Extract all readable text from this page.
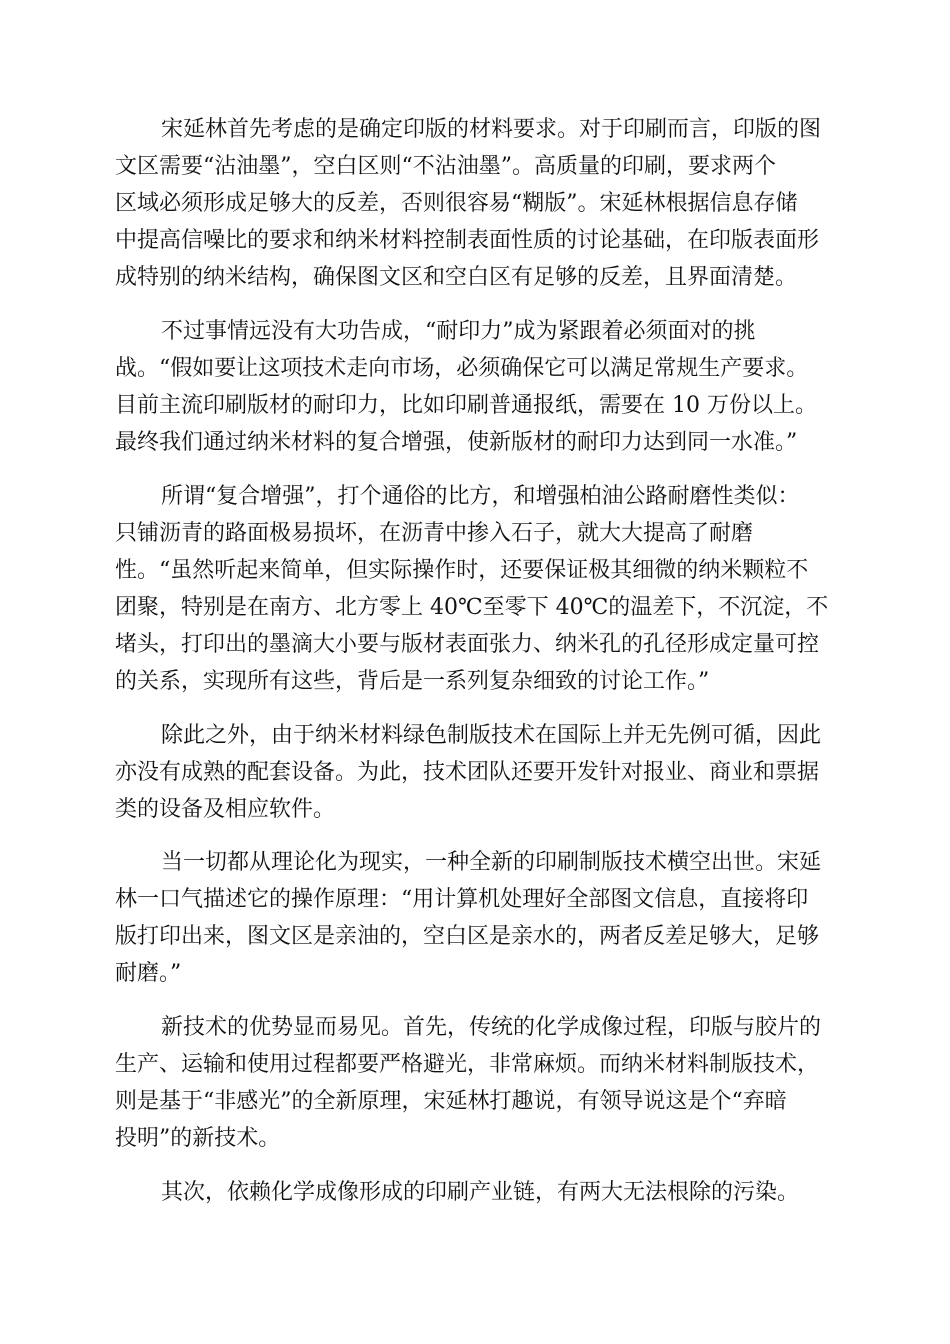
宋延林首先考虑的是确定印版的材料要求。对于印刷而言，印版的图
文区需要“沾油墨”，空白区则“不沾油墨”。高质量的印刷，要求两个
区域必须形成足够大的反差，否则很容易“糊版”。宋延林根据信息存储
中提高信噪比的要求和纳米材料控制表面性质的讨论基础，在印版表面形
成特别的纳米结构，确保图文区和空白区有足够的反差，且界面清楚。
不过事情远没有大功告成，“耐印力”成为紧跟着必须面对的挑
战。“假如要让这项技术走向市场，必须确保它可以满足常规生产要求。
目前主流印刷版材的耐印力，比如印刷普通报纸，需要在 10 万份以上。
最终我们通过纳米材料的复合增强，使新版材的耐印力达到同一水准。”
所谓“复合增强”，打个通俗的比方，和增强柏油公路耐磨性类似：
只铺沥青的路面极易损坏，在沥青中掺入石子，就大大提高了耐磨
性。“虽然听起来简单，但实际操作时，还要保证极其细微的纳米颗粒不
团聚，特别是在南方、北方零上 40℃至零下 40℃的温差下，不沉淀，不
堵头，打印出的墨滴大小要与版材表面张力、纳米孔的孔径形成定量可控
的关系，实现所有这些，背后是一系列复杂细致的讨论工作。”
除此之外，由于纳米材料绿色制版技术在国际上并无先例可循，因此
亦没有成熟的配套设备。为此，技术团队还要开发针对报业、商业和票据
类的设备及相应软件。
当一切都从理论化为现实，一种全新的印刷制版技术横空出世。宋延
林一口气描述它的操作原理：“用计算机处理好全部图文信息，直接将印
版打印出来，图文区是亲油的，空白区是亲水的，两者反差足够大，足够
耐磨。”
新技术的优势显而易见。首先，传统的化学成像过程，印版与胶片的
生产、运输和使用过程都要严格避光，非常麻烦。而纳米材料制版技术，
则是基于“非感光”的全新原理，宋延林打趣说，有领导说这是个“弃暗
投明”的新技术。
其次，依赖化学成像形成的印刷产业链，有两大无法根除的污染。
